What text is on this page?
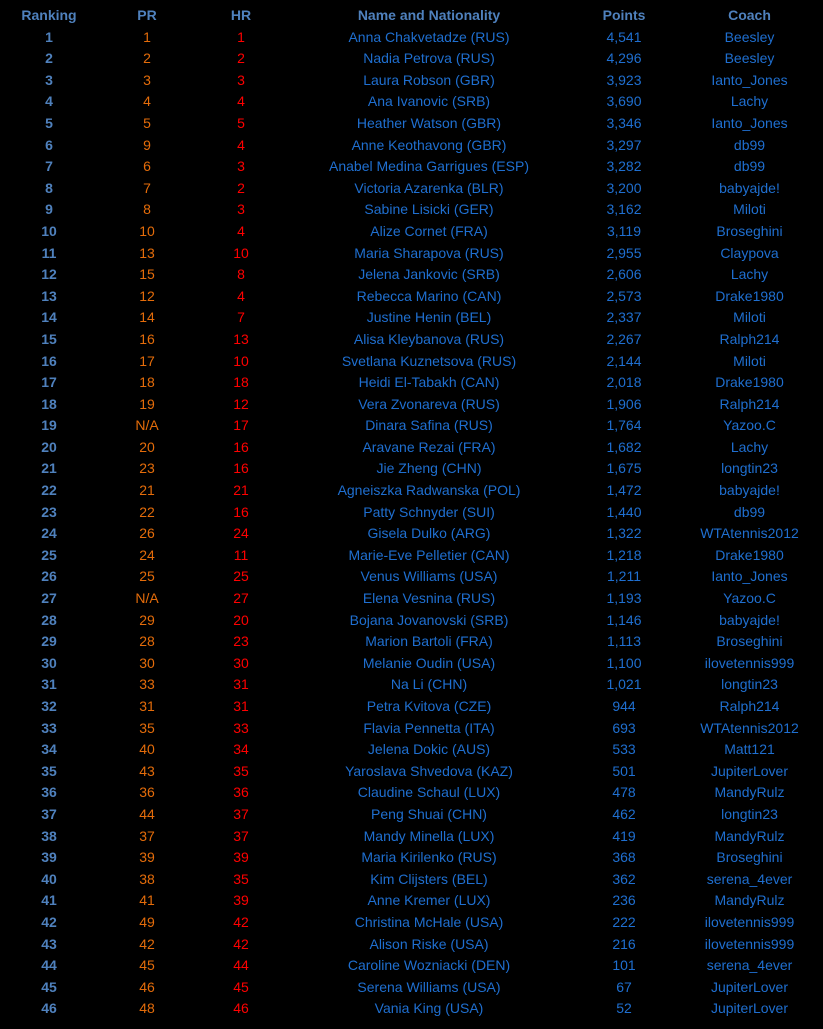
Ranking	PR	HR	Name and Nationality	Points	Coach
1	1	1	Anna Chakvetadze (RUS)	4,541	Beesley
2	2	2	Nadia Petrova (RUS)	4,296	Beesley
3	3	3	Laura Robson (GBR)	3,923	Ianto_Jones
4	4	4	Ana Ivanovic (SRB)	3,690	Lachy
5	5	5	Heather Watson (GBR)	3,346	Ianto_Jones
6	9	4	Anne Keothavong (GBR)	3,297	db99
7	6	3	Anabel Medina Garrigues (ESP)	3,282	db99
8	7	2	Victoria Azarenka (BLR)	3,200	babyajde!
9	8	3	Sabine Lisicki (GER)	3,162	Miloti
10	10	4	Alize Cornet (FRA)	3,119	Broseghini
11	13	10	Maria Sharapova (RUS)	2,955	Claypova
12	15	8	Jelena Jankovic (SRB)	2,606	Lachy
13	12	4	Rebecca Marino (CAN)	2,573	Drake1980
14	14	7	Justine Henin (BEL)	2,337	Miloti
15	16	13	Alisa Kleybanova (RUS)	2,267	Ralph214
16	17	10	Svetlana Kuznetsova (RUS)	2,144	Miloti
17	18	18	Heidi El-Tabakh (CAN)	2,018	Drake1980
18	19	12	Vera Zvonareva (RUS)	1,906	Ralph214
19	N/A	17	Dinara Safina (RUS)	1,764	Yazoo.C
20	20	16	Aravane Rezai (FRA)	1,682	Lachy
21	23	16	Jie Zheng (CHN)	1,675	longtin23
22	21	21	Agneiszka Radwanska (POL)	1,472	babyajde!
23	22	16	Patty Schnyder (SUI)	1,440	db99
24	26	24	Gisela Dulko (ARG)	1,322	WTAtennis2012
25	24	11	Marie-Eve Pelletier (CAN)	1,218	Drake1980
26	25	25	Venus Williams (USA)	1,211	Ianto_Jones
27	N/A	27	Elena Vesnina (RUS)	1,193	Yazoo.C
28	29	20	Bojana Jovanovski (SRB)	1,146	babyajde!
29	28	23	Marion Bartoli (FRA)	1,113	Broseghini
30	30	30	Melanie Oudin (USA)	1,100	ilovetennis999
31	33	31	Na Li (CHN)	1,021	longtin23
32	31	31	Petra Kvitova (CZE)	944	Ralph214
33	35	33	Flavia Pennetta (ITA)	693	WTAtennis2012
34	40	34	Jelena Dokic (AUS)	533	Matt121
35	43	35	Yaroslava Shvedova (KAZ)	501	JupiterLover
36	36	36	Claudine Schaul (LUX)	478	MandyRulz
37	44	37	Peng Shuai (CHN)	462	longtin23
38	37	37	Mandy Minella (LUX)	419	MandyRulz
39	39	39	Maria Kirilenko (RUS)	368	Broseghini
40	38	35	Kim Clijsters (BEL)	362	serena_4ever
41	41	39	Anne Kremer (LUX)	236	MandyRulz
42	49	42	Christina McHale (USA)	222	ilovetennis999
43	42	42	Alison Riske (USA)	216	ilovetennis999
44	45	44	Caroline Wozniacki (DEN)	101	serena_4ever
45	46	45	Serena Williams (USA)	67	JupiterLover
46	48	46	Vania King (USA)	52	JupiterLover
